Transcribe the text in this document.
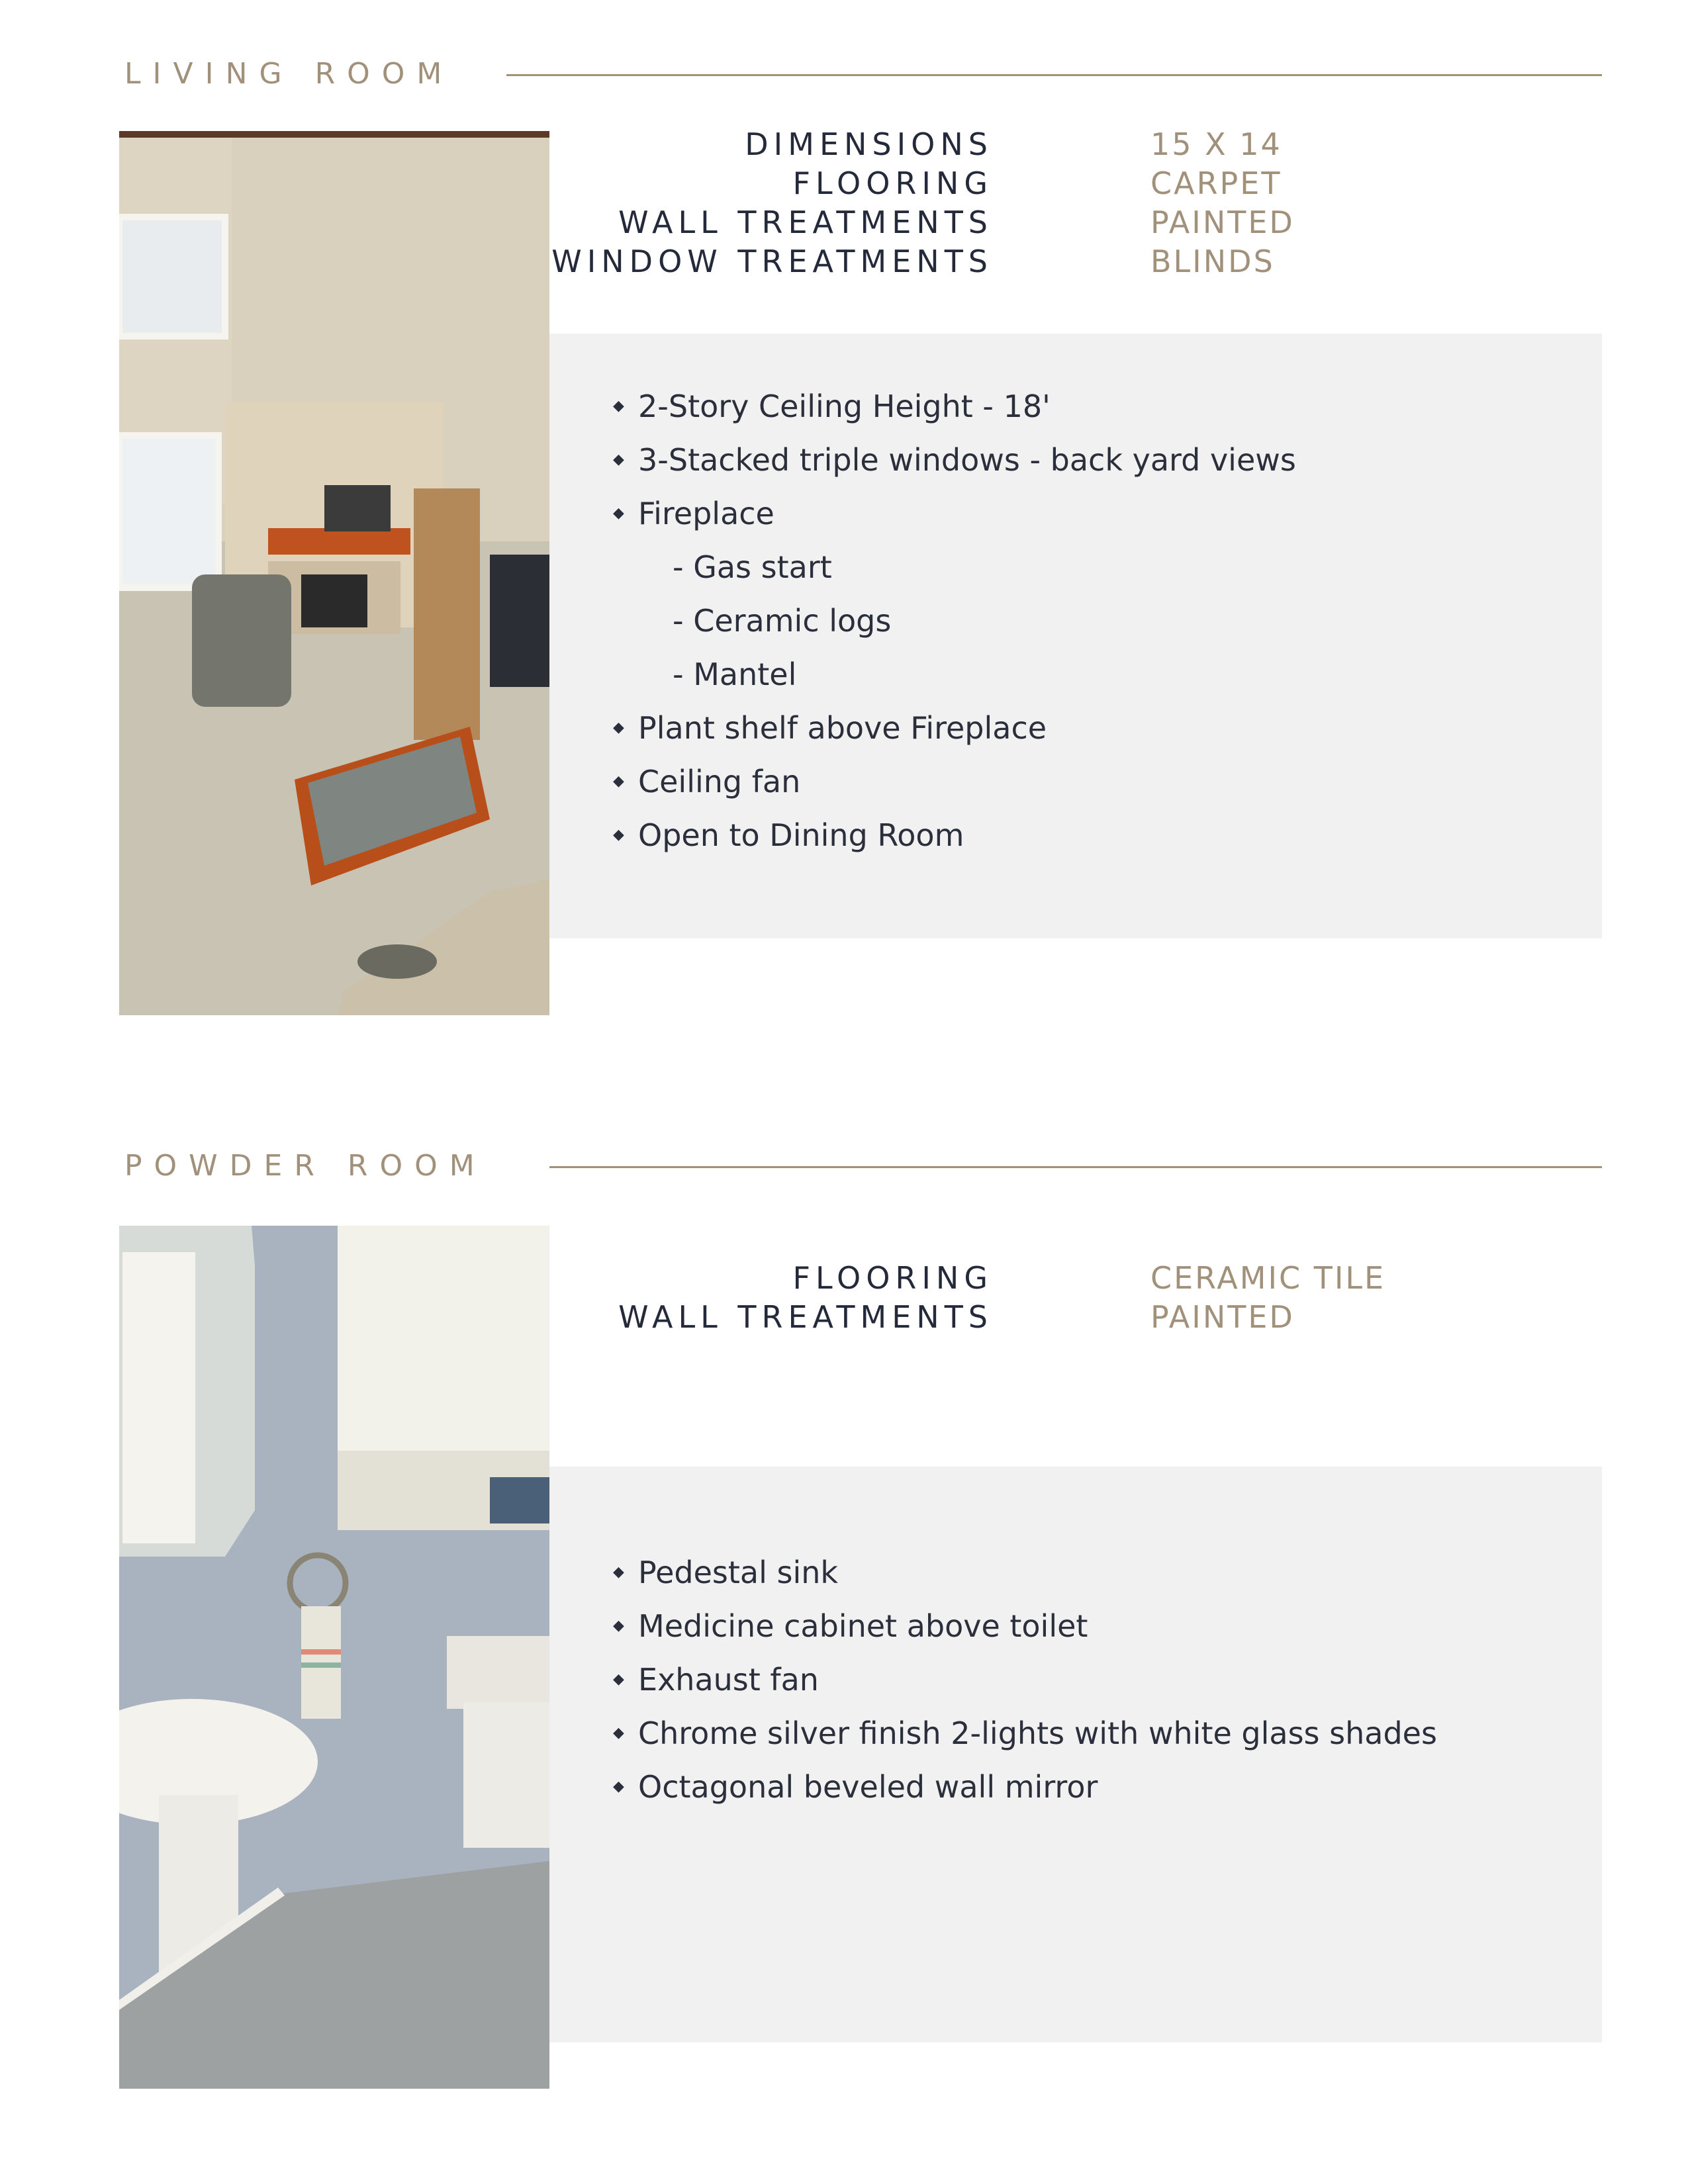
LIVING ROOM
DIMENSIONS	15 X 14
FLOORING	CARPET
WALL TREATMENTS	PAINTED
WINDOW TREATMENTS	BLINDS
◆ 2-Story Ceiling Height - 18'
◆ 3-Stacked triple windows - back yard views
◆ Fireplace
- Gas start
- Ceramic logs
- Mantel
◆ Plant shelf above Fireplace
◆ Ceiling fan
◆ Open to Dining Room
POWDER ROOM
FLOORING	CERAMIC TILE
WALL TREATMENTS	PAINTED
◆ Pedestal sink
◆ Medicine cabinet above toilet
◆ Exhaust fan
◆ Chrome silver finish 2-lights with white glass shades
◆ Octagonal beveled wall mirror
